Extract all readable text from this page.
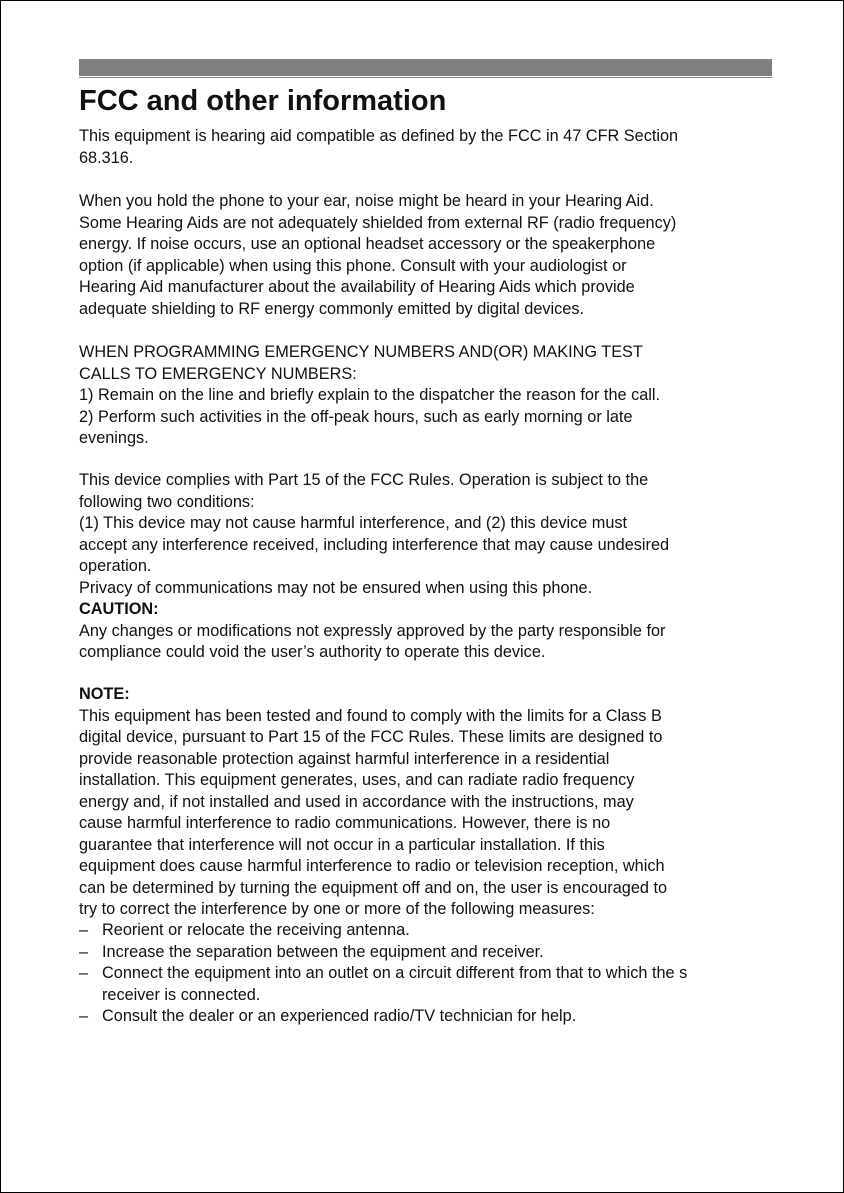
FCC and other information

This equipment is hearing aid compatible as defined by the FCC in 47 CFR Section
68.316.

When you hold the phone to your ear, noise might be heard in your Hearing Aid.
Some Hearing Aids are not adequately shielded from external RF (radio frequency)
energy. If noise occurs, use an optional headset accessory or the speakerphone
option (if applicable) when using this phone. Consult with your audiologist or
Hearing Aid manufacturer about the availability of Hearing Aids which provide
adequate shielding to RF energy commonly emitted by digital devices.

WHEN PROGRAMMING EMERGENCY NUMBERS AND(OR) MAKING TEST
CALLS TO EMERGENCY NUMBERS:
1) Remain on the line and briefly explain to the dispatcher the reason for the call.
2) Perform such activities in the off-peak hours, such as early morning or late
evenings.

This device complies with Part 15 of the FCC Rules. Operation is subject to the
following two conditions:
(1) This device may not cause harmful interference, and (2) this device must
accept any interference received, including interference that may cause undesired
operation.
Privacy of communications may not be ensured when using this phone.
CAUTION:
Any changes or modifications not expressly approved by the party responsible for
compliance could void the user’s authority to operate this device.

NOTE:
This equipment has been tested and found to comply with the limits for a Class B
digital device, pursuant to Part 15 of the FCC Rules. These limits are designed to
provide reasonable protection against harmful interference in a residential
installation. This equipment generates, uses, and can radiate radio frequency
energy and, if not installed and used in accordance with the instructions, may
cause harmful interference to radio communications. However, there is no
guarantee that interference will not occur in a particular installation. If this
equipment does cause harmful interference to radio or television reception, which
can be determined by turning the equipment off and on, the user is encouraged to
try to correct the interference by one or more of the following measures:

– Reorient or relocate the receiving antenna.
– Increase the separation between the equipment and receiver.
– Connect the equipment into an outlet on a circuit different from that to which the s
receiver is connected.
– Consult the dealer or an experienced radio/TV technician for help.
